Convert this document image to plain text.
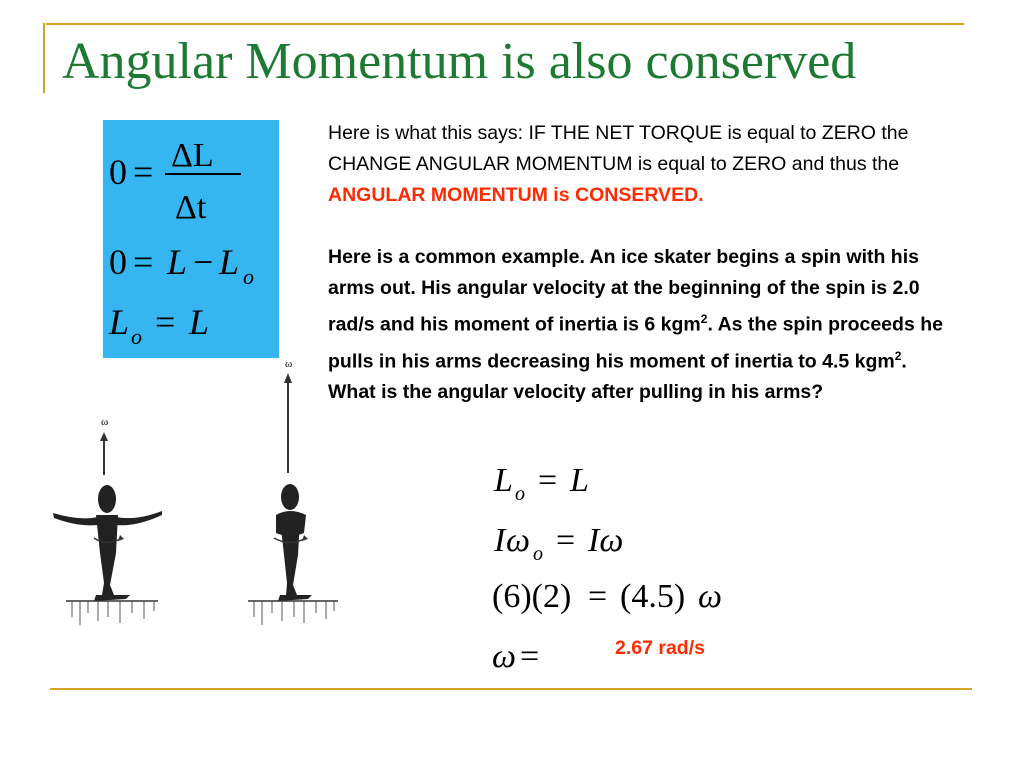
Angular Momentum is also conserved
0 = ΔL
Δt
0 = L − L o
L o = L

Here is what this says: IF THE NET TORQUE is equal to ZERO the CHANGE ANGULAR MOMENTUM is equal to ZERO and thus the ANGULAR MOMENTUM is CONSERVED.

Here is a common example. An ice skater begins a spin with his arms out. His angular velocity at the beginning of the spin is 2.0 rad/s and his moment of inertia is 6 kgm$^2$. As the spin proceeds he pulls in his arms decreasing his moment of inertia to 4.5 kgm$^2$. What is the angular velocity after pulling in his arms?

L o = L
I ω o = Iω
(6)(2) = (4.5) ω
ω =	2.67 rad/s
ω
ω
